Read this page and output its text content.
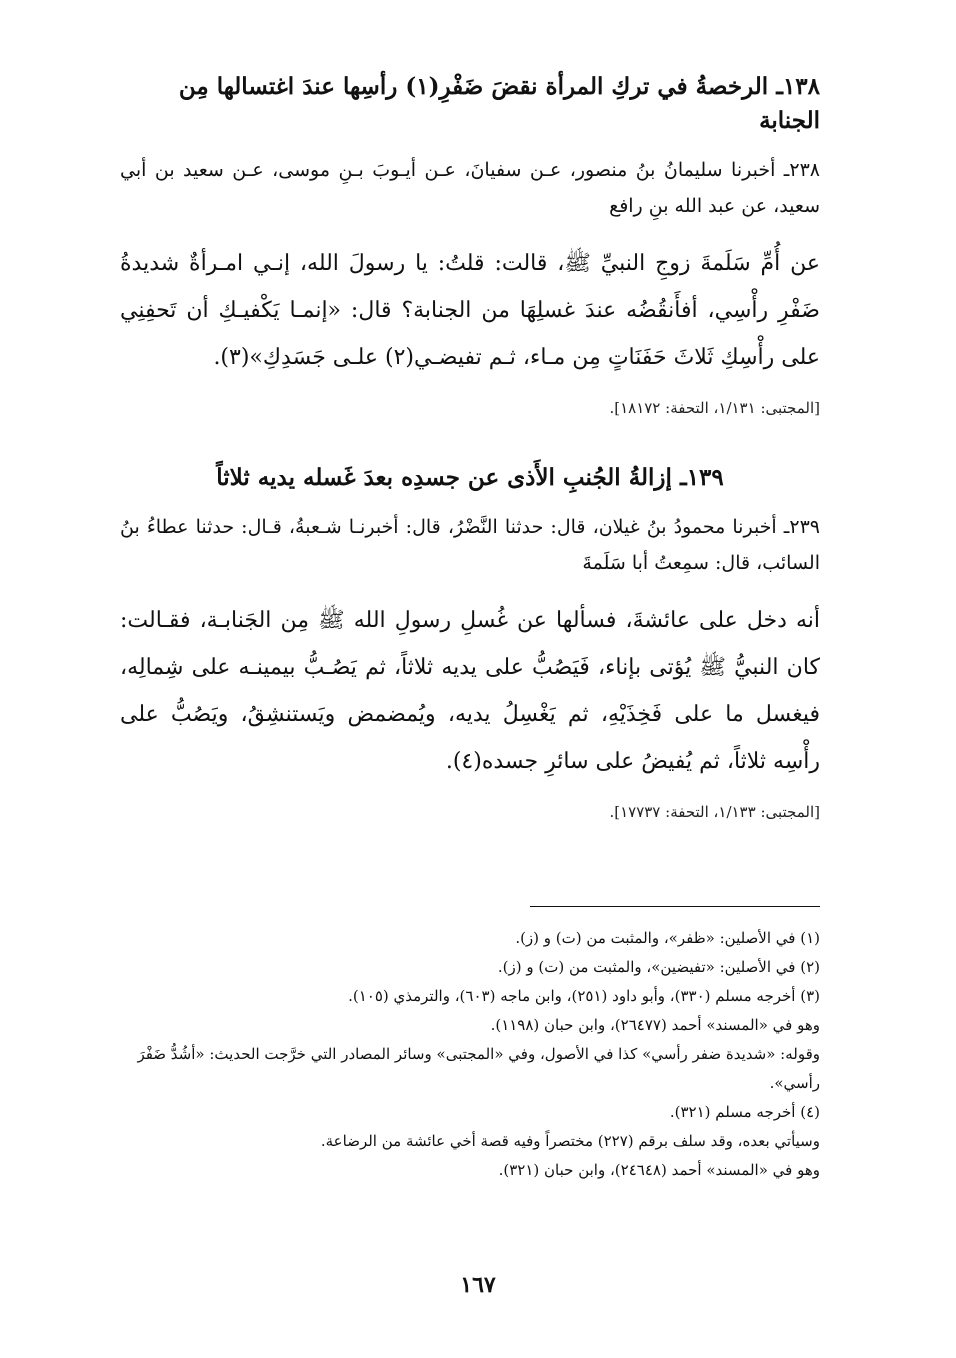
١٣٨ـ الرخصةُ في تركِ المرأة نقضَ ضَفْرِ(١) رأسِها عندَ اغتسالها مِن الجنابة

٢٣٨ـ أخبرنا سليمانُ بنُ منصور، عـن سفيانَ، عـن أيـوبَ بـنِ موسى، عـن سعيد بن أبي سعيد، عن عبد الله بنِ رافع

عن أُمِّ سَلَمةَ زوجِ النبيِّ ﷺ، قالت: قلتُ: يا رسولَ الله، إنـي امـرأةٌ شديدةُ ضَفْرِ رأْسِي، أفأَنقُضُه عندَ غسلِهَا من الجنابة؟ قال: «إنمـا يَكْفيـكِ أن تَحفِنِي على رأْسِكِ ثَلاثَ حَفَنَاتٍ مِن مـاء، ثـم تفيضـي(٢) علـى جَسَدِكِ»(٣).

[المجتبى: ١/١٣١، التحفة: ١٨١٧٢].

١٣٩ـ إزالةُ الجُنبِ الأَذى عن جسدِه بعدَ غَسله يديه ثلاثاً

٢٣٩ـ أخبرنا محمودُ بنُ غيلان، قال: حدثنا النَّضْرُ، قال: أخبرنـا شـعبةُ، قـال: حدثنا عطاءُ بنُ السائب، قال: سمِعتُ أبا سَلَمةَ

أنه دخل على عائشةَ، فسألها عن غُسلِ رسولِ الله ﷺ مِن الجَنابـة، فقـالت: كان النبيُّ ﷺ يُؤتى بإناء، فَيَصُبُّ على يديه ثلاثاً، ثم يَصُـبُّ بيمينـه على شِمالِه، فيغسل ما على فَخِذَيْهِ، ثم يَغْسِلُ يديه، ويُمضمض ويَستنشِقُ، ويَصُبُّ على رأْسِه ثلاثاً، ثم يُفيضُ على سائرِ جسده(٤).

[المجتبى: ١/١٣٣، التحفة: ١٧٧٣٧].

(١) في الأصلين: «ظفر»، والمثبت من (ت) و (ز).

(٢) في الأصلين: «تفيضين»، والمثبت من (ت) و (ز).

(٣) أخرجه مسلم (٣٣٠)، وأبو داود (٢٥١)، وابن ماجه (٦٠٣)، والترمذي (١٠٥).

وهو في «المسند» أحمد (٢٦٤٧٧)، وابن حبان (١١٩٨).

وقوله: «شديدة ضفر رأسي» كذا في الأصول، وفي «المجتبى» وسائر المصادر التي خرَّجت الحديث: «أشُدُّ ضَفْرَ رأسي».

(٤) أخرجه مسلم (٣٢١).

وسيأتي بعده، وقد سلف برقم (٢٢٧) مختصراً وفيه قصة أخي عائشة من الرضاعة.

وهو في «المسند» أحمد (٢٤٦٤٨)، وابن حبان (٣٢١).

١٦٧
